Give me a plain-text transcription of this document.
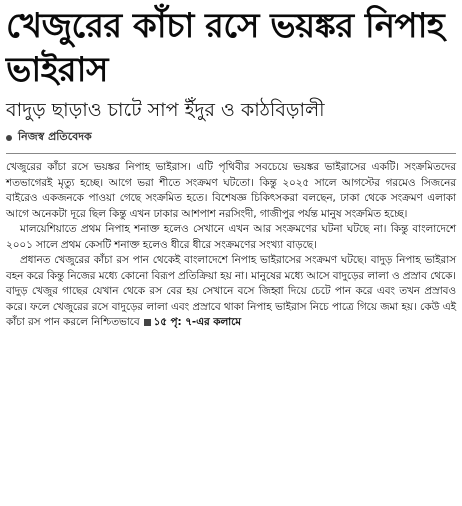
খেজুরের কাঁচা রসে ভয়ঙ্কর নিপাহ ভাইরাস
বাদুড় ছাড়াও চাটে সাপ ইঁদুর ও কাঠবিড়ালী
নিজস্ব প্রতিবেদক

খেজুরের কাঁচা রসে ভয়ঙ্কর নিপাহ ভাইরাস। এটি পৃথিবীর সবচেয়ে ভয়ঙ্কর ভাইরাসের একটি। সংক্রমিতদের শতভাগেরই মৃত্যু হচ্ছে। আগে ভরা শীতে সংক্রমণ ঘটতো। কিন্তু ২০২৫ সালে আগস্টের গরমেও সিজনের বাইরেও একজনকে পাওয়া গেছে সংক্রমিত হতে। বিশেষজ্ঞ চিকিৎসকরা বলছেন, ঢাকা থেকে সংক্রমণ এলাকা আগে অনেকটা দূরে ছিল কিন্তু এখন ঢাকার আশপাশ নরসিংদী, গাজীপুর পর্যন্ত মানুষ সংক্রমিত হচ্ছে।

মালয়েশিয়াতে প্রথম নিপাহ শনাক্ত হলেও সেখানে এখন আর সংক্রমণের ঘটনা ঘটছে না। কিন্তু বাংলাদেশে ২০০১ সালে প্রথম কেসটি শনাক্ত হলেও ধীরে ধীরে সংক্রমণের সংখ্যা বাড়ছে।

প্রধানত খেজুরের কাঁচা রস পান থেকেই বাংলাদেশে নিপাহ ভাইরাসের সংক্রমণ ঘটছে। বাদুড় নিপাহ ভাইরাস বহন করে কিন্তু নিজের মধ্যে কোনো বিরূপ প্রতিক্রিয়া হয় না। মানুষের মধ্যে আসে বাদুড়ের লালা ও প্রস্রাব থেকে। বাদুড় খেজুর গাছের যেখান থেকে রস বের হয় সেখানে বসে জিহ্বা দিয়ে চেটে পান করে এবং তখন প্রস্রাবও করে। ফলে খেজুরের রসে বাদুড়ের লালা এবং প্রস্রাবে থাকা নিপাহ ভাইরাস নিচে পাত্রে গিয়ে জমা হয়। কেউ এই কাঁচা রস পান করলে নিশ্চিতভাবে ১৫ পৃ: ৭-এর কলামে
